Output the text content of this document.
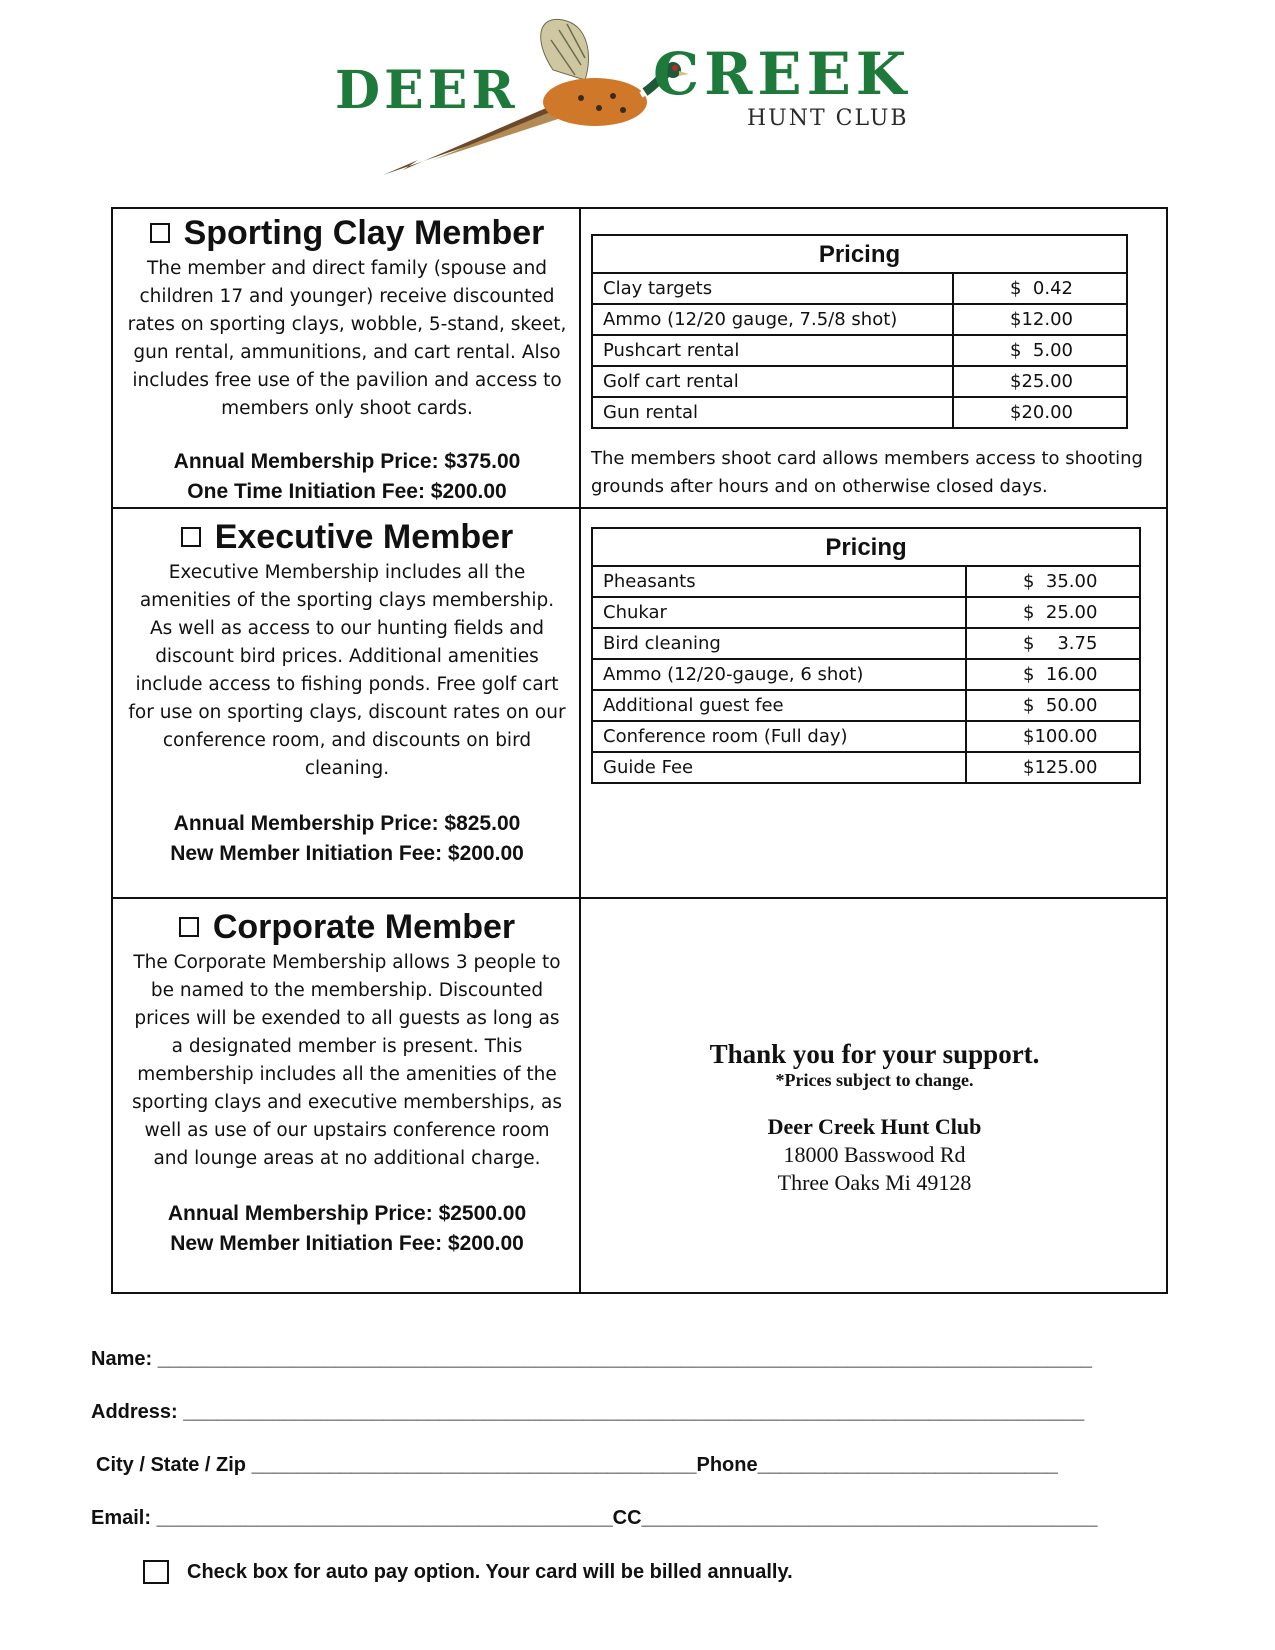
DEER CREEK
HUNT CLUB
Sporting Clay Member
The member and direct family (spouse and children 17 and younger) receive discounted rates on sporting clays, wobble, 5-stand, skeet, gun rental, ammunitions, and cart rental. Also includes free use of the pavilion and access to members only shoot cards.
Annual Membership Price: $375.00
One Time Initiation Fee: $200.00
Executive Member
Executive Membership includes all the amenities of the sporting clays membership. As well as access to our hunting fields and discount bird prices. Additional amenities include access to fishing ponds. Free golf cart for use on sporting clays, discount rates on our conference room, and discounts on bird cleaning.
Annual Membership Price: $825.00
New Member Initiation Fee: $200.00
Corporate Member
The Corporate Membership allows 3 people to be named to the membership. Discounted prices will be exended to all guests as long as a designated member is present. This membership includes all the amenities of the sporting clays and executive memberships, as well as use of our upstairs conference room and lounge areas at no additional charge.
Annual Membership Price: $2500.00
New Member Initiation Fee: $200.00
Pricing
Clay targets	$  0.42
Ammo (12/20 gauge, 7.5/8 shot)	$12.00
Pushcart rental	$  5.00
Golf cart rental	$25.00
Gun rental	$20.00
The members shoot card allows members access to shooting grounds after hours and on otherwise closed days.
Pricing
Pheasants	$  35.00
Chukar	$  25.00
Bird cleaning	$    3.75
Ammo (12/20-gauge, 6 shot)	$  16.00
Additional guest fee	$  50.00
Conference room (Full day)	$100.00
Guide Fee	$125.00
Thank you for your support.
*Prices subject to change.
Deer Creek Hunt Club
18000 Basswood Rd
Three Oaks Mi 49128
Name: ____________________________________________________________________________________
Address: _________________________________________________________________________________
City / State / Zip ________________________________________Phone___________________________
Email: _________________________________________CC_________________________________________
Check box for auto pay option. Your card will be billed annually.
